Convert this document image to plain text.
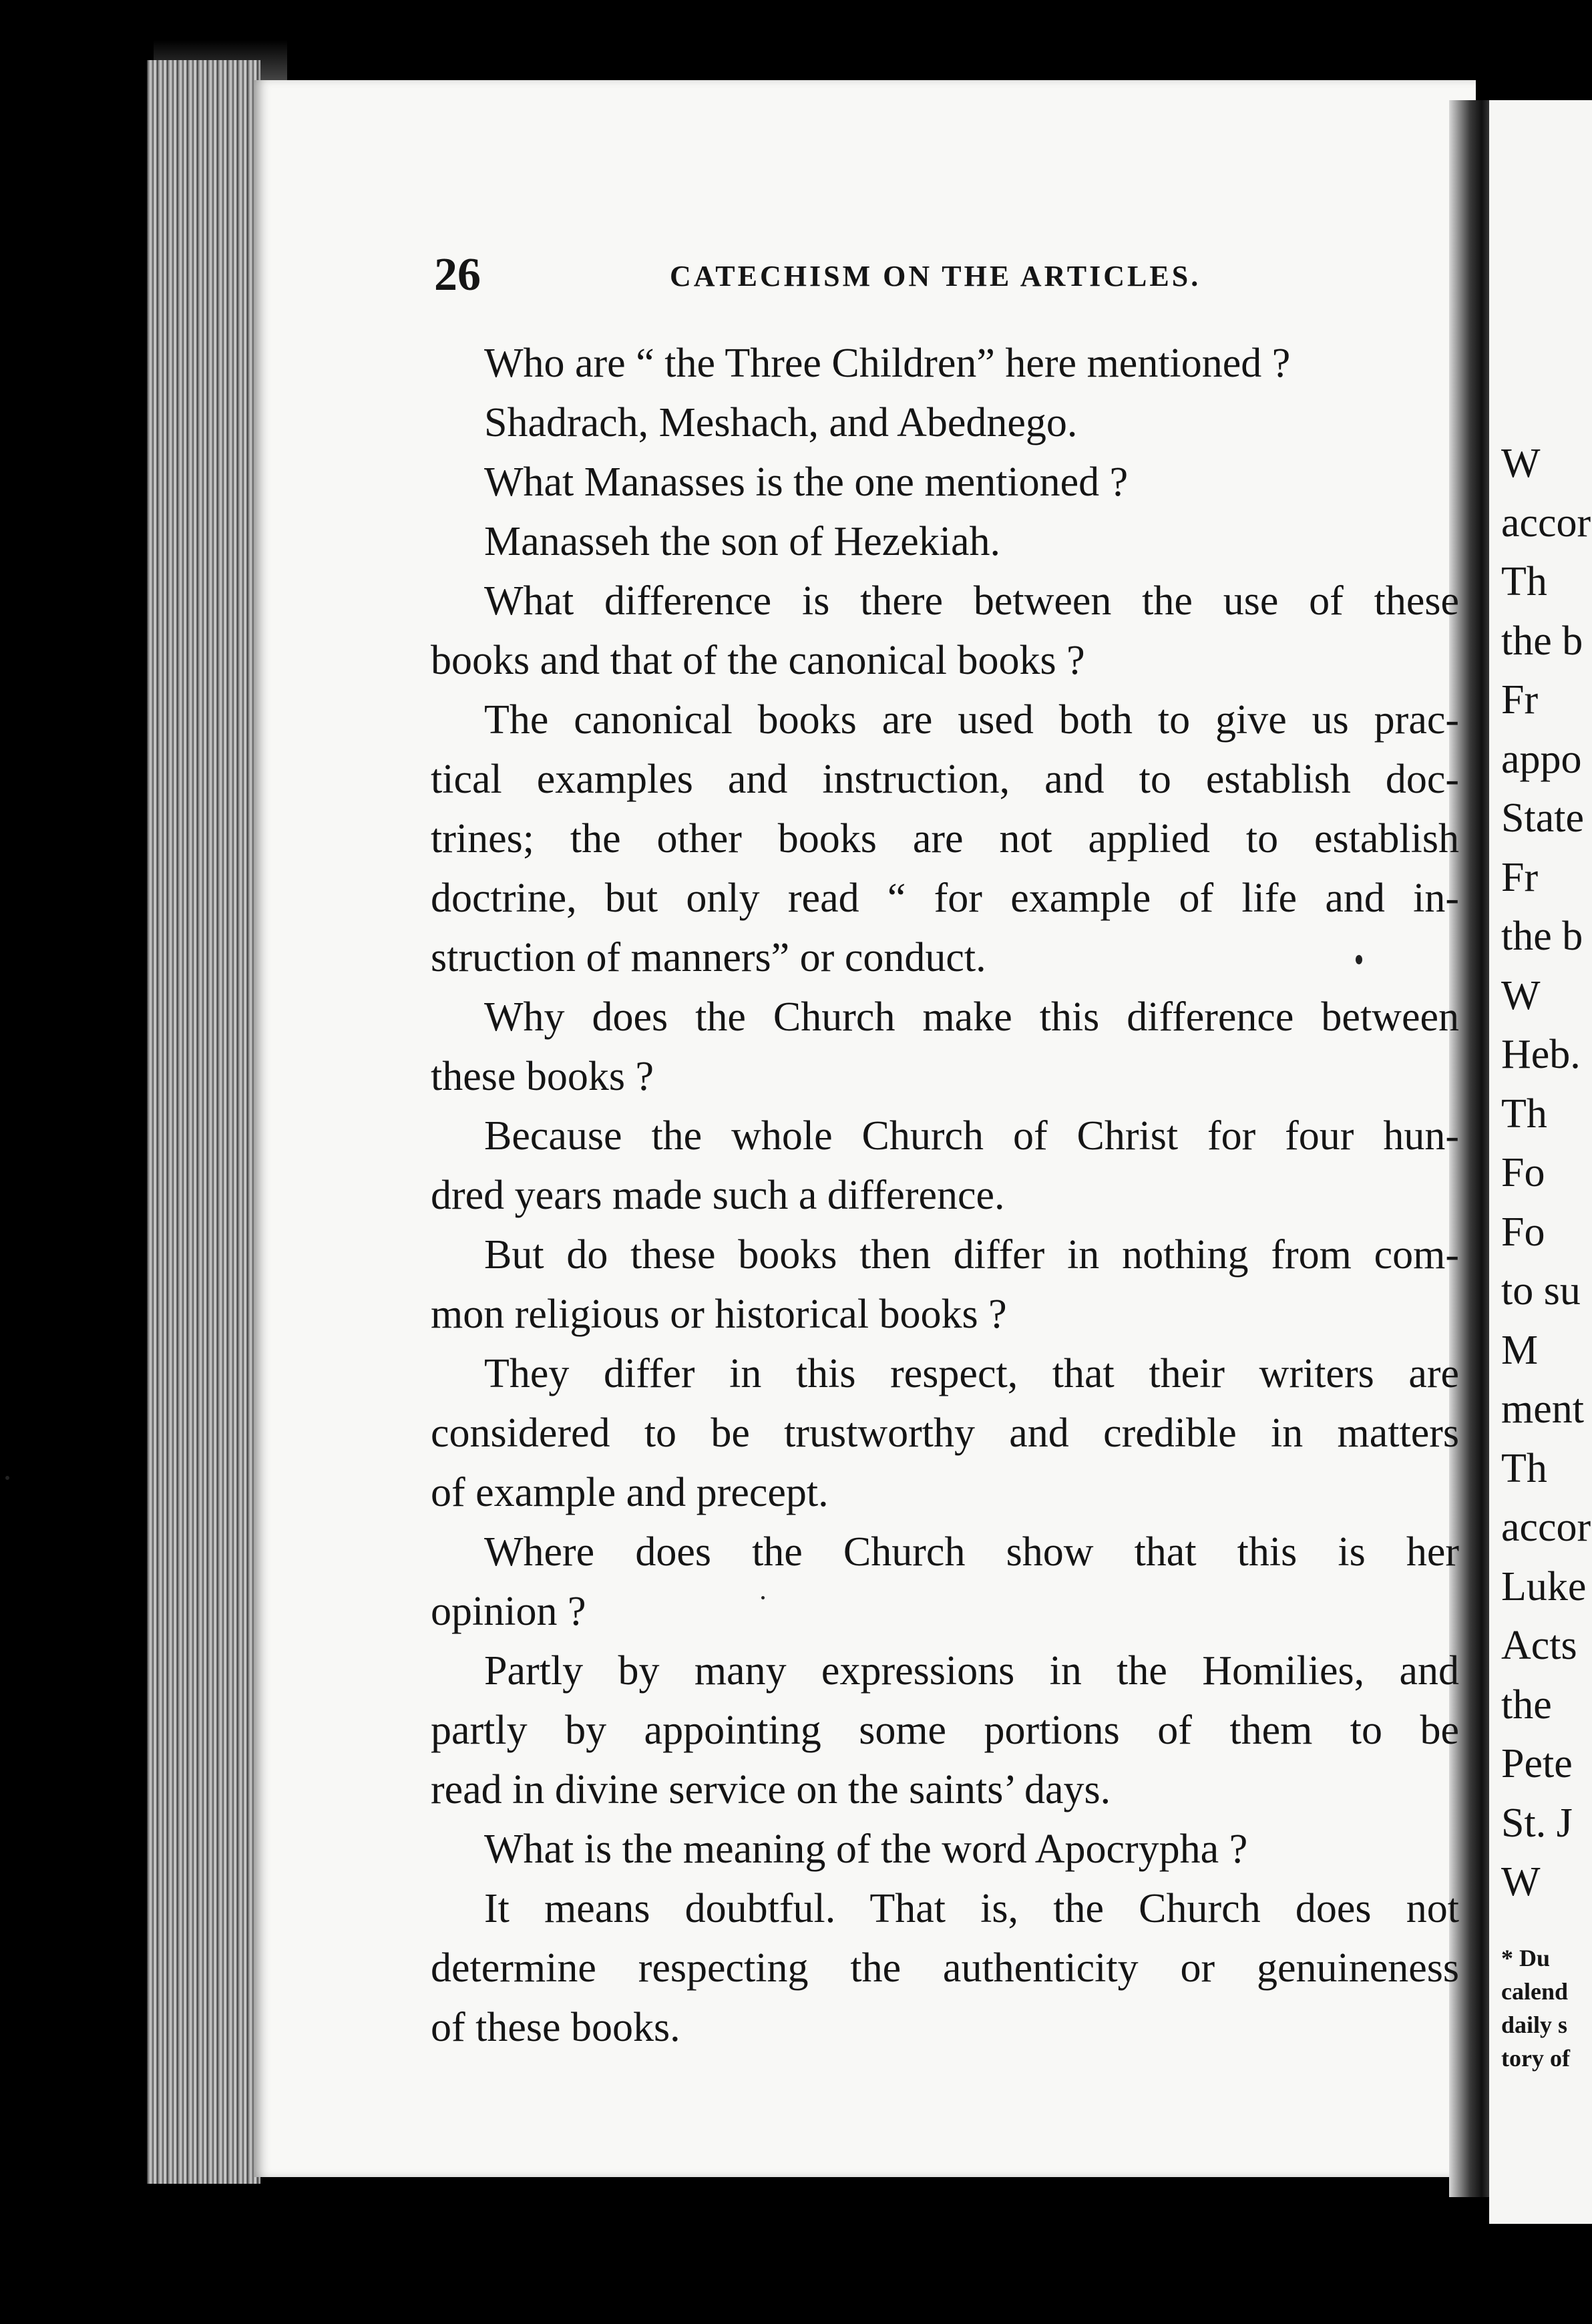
W
accor
Th
the b
Fr
appo
State
Fr
the b
W
Heb.
Th
Fo
Fo
to su
M
ment
Th
accor
Luke
Acts
the
Pete
St. J
W
* Du
calend
daily s
tory of
26	CATECHISM ON THE ARTICLES.
Who are “ the Three Children” here mentioned ?
Shadrach, Meshach, and Abednego.
What Manasses is the one mentioned ?
Manasseh the son of Hezekiah.
What difference is there between the use of these
books and that of the canonical books ?
The canonical books are used both to give us prac-
tical examples and instruction, and to establish doc-
trines; the other books are not applied to establish
doctrine, but only read “ for example of life and in-
struction of manners” or conduct.
Why does the Church make this difference between
these books ?
Because the whole Church of Christ for four hun-
dred years made such a difference.
But do these books then differ in nothing from com-
mon religious or historical books ?
They differ in this respect, that their writers are
considered to be trustworthy and credible in matters
of example and precept.
Where does the Church show that this is her
opinion ?
Partly by many expressions in the Homilies, and
partly by appointing some portions of them to be
read in divine service on the saints’ days.
What is the meaning of the word Apocrypha ?
It means doubtful. That is, the Church does not
determine respecting the authenticity or genuineness
of these books.
